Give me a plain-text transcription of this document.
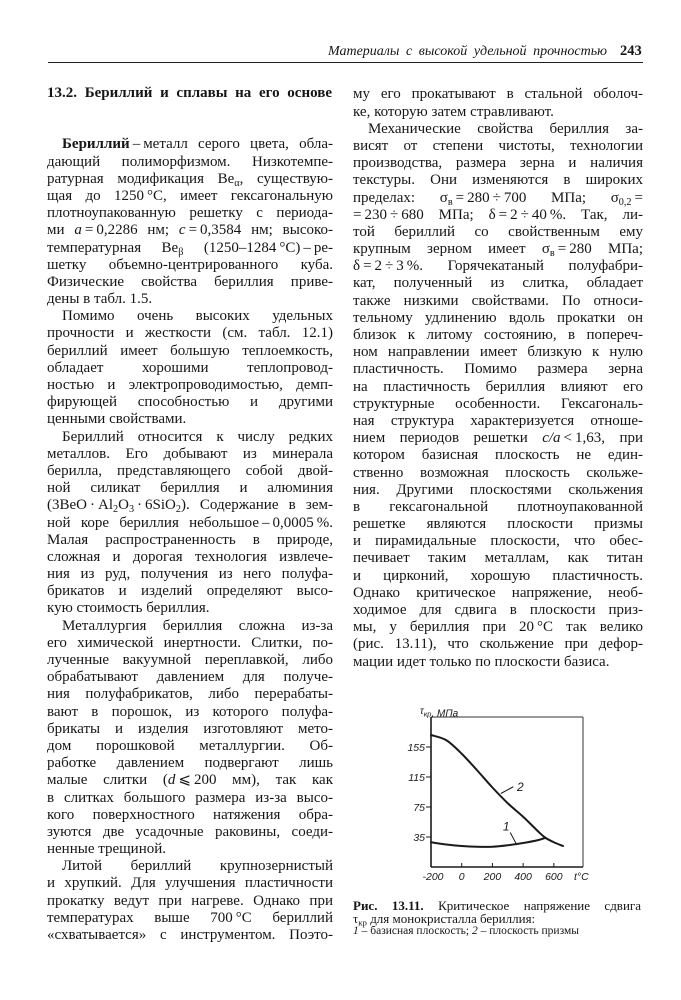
Материалы с высокой удельной прочностью 243
13.2. Бериллий и сплавы на его основе
Бериллий – металл серого цвета, обла-
дающий полиморфизмом. Низкотемпе-
ратурная модификация $Be_\alpha$, существую-
щая до 1250 °C, имеет гексагональную
плотноупакованную решетку с периода-
ми a = 0,2286 нм; c = 0,3584 нм; высоко-
температурная $Be_\beta$ (1250–1284 °C) – ре-
шетку объемно-центрированного куба.
Физические свойства бериллия приве-
дены в табл. 1.5.
Помимо очень высоких удельных
прочности и жесткости (см. табл. 12.1)
бериллий имеет большую теплоемкость,
обладает хорошими теплопровод-
ностью и электропроводимостью, демп-
фирующей способностью и другими
ценными свойствами.
Бериллий относится к числу редких
металлов. Его добывают из минерала
берилла, представляющего собой двой-
ной силикат бериллия и алюминия
$(3BeO \cdot Al_2O_3 \cdot 6SiO_2)$. Содержание в зем-
ной коре бериллия небольшое – 0,0005 %.
Малая распространенность в природе,
сложная и дорогая технология извлече-
ния из руд, получения из него полуфа-
брикатов и изделий определяют высо-
кую стоимость бериллия.
Металлургия бериллия сложна из-за
его химической инертности. Слитки, по-
лученные вакуумной переплавкой, либо
обрабатывают давлением для получе-
ния полуфабрикатов, либо перерабаты-
вают в порошок, из которого полуфа-
брикаты и изделия изготовляют мето-
дом порошковой металлургии. Об-
работке давлением подвергают лишь
малые слитки (d ⩽ 200 мм), так как
в слитках большого размера из-за высо-
кого поверхностного натяжения обра-
зуются две усадочные раковины, соеди-
ненные трещиной.
Литой бериллий крупнозернистый
и хрупкий. Для улучшения пластичности
прокатку ведут при нагреве. Однако при
температурах выше 700 °C бериллий
«схватывается» с инструментом. Поэто-
му его прокатывают в стальной оболоч-
ке, которую затем стравливают.
Механические свойства бериллия за-
висят от степени чистоты, технологии
производства, размера зерна и наличия
текстуры. Они изменяются в широких
пределах: $\sigma_в = 280 \div 700$ МПа; $\sigma_{0,2}$ =
= 230 ÷ 680 МПа; δ = 2 ÷ 40 %. Так, ли-
той бериллий со свойственным ему
крупным зерном имеет $\sigma_в = 280$ МПа;
δ = 2 ÷ 3 %. Горячекатаный полуфабри-
кат, полученный из слитка, обладает
также низкими свойствами. По относи-
тельному удлинению вдоль прокатки он
близок к литому состоянию, в попереч-
ном направлении имеет близкую к нулю
пластичность. Помимо размера зерна
на пластичность бериллия влияют его
структурные особенности. Гексагональ-
ная структура характеризуется отноше-
нием периодов решетки c/a < 1,63, при
котором базисная плоскость не един-
ственно возможная плоскость скольже-
ния. Другими плоскостями скольжения
в гексагональной плотноупакованной
решетке являются плоскости призмы
и пирамидальные плоскости, что обес-
печивает таким металлам, как титан
и цирконий, хорошую пластичность.
Однако критическое напряжение, необ-
ходимое для сдвига в плоскости приз-
мы, у бериллия при 20 °C так велико
(рис. 13.11), что скольжение при дефор-
мации идет только по плоскости базиса.
-200 0 200 400 600
35
75
115
155
t°C
$\tau_{кр}$, МПа
1
2
Рис. 13.11. Критическое напряжение сдвига
$\tau_{кр}$ для монокристалла бериллия:
1 – базисная плоскость; 2 – плоскость призмы
